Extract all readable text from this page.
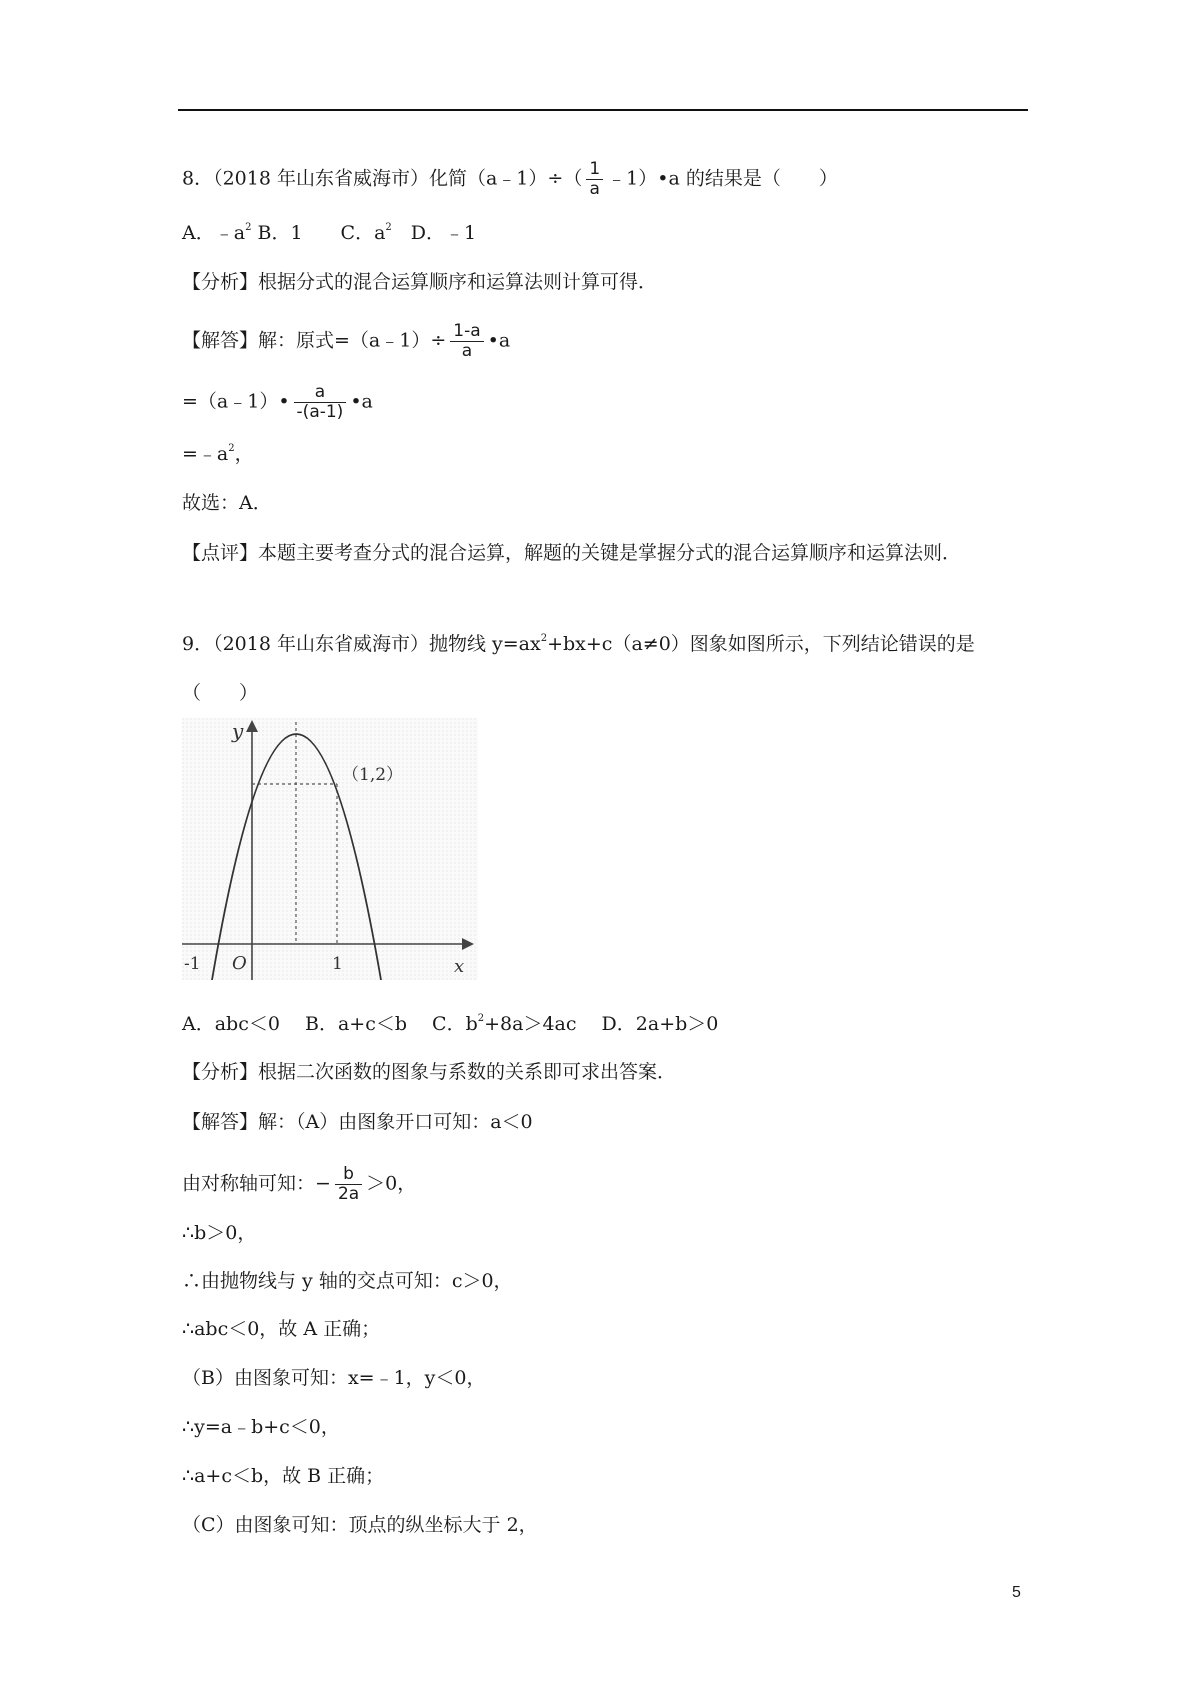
8．（2018 年山东省威海市）化简（a﹣1）÷（ $\frac{1}{a}$ ﹣1）•a 的结果是（　　）
A．$﹣a^2$ B．1　　C．$a^2$　D．﹣1
【分析】根据分式的混合运算顺序和运算法则计算可得．
【解答】解：原式=（a﹣1）÷ $\frac{1-a}{a}$ •a
=（a﹣1）• $\frac{a}{-(a-1)}$ •a
$=﹣a^2$，
故选：A．
【点评】本题主要考查分式的混合运算，解题的关键是掌握分式的混合运算顺序和运算法则．
9．（2018 年山东省威海市）抛物线 $y=ax^2+bx+c(a\ne 0)$图象如图所示，下列结论错误的是
（　　）
y
x
O
-1	1
（1,2）
A．abc＜0　 B．a+c＜b　 C．$b^2+8a>4ac$　 D．2a+b＞0
【分析】根据二次函数的图象与系数的关系即可求出答案．
【解答】解：（A）由图象开口可知：a＜0
由对称轴可知：− $\frac{b}{2a} >0$，
∴b＞0，
∴由抛物线与 y 轴的交点可知：c＞0，
∴abc＜0，故 A 正确；
（B）由图象可知：x=﹣1，y＜0，
∴y=a﹣b+c＜0，
∴a+c＜b，故 B 正确；
（C）由图象可知：顶点的纵坐标大于 2，
5
